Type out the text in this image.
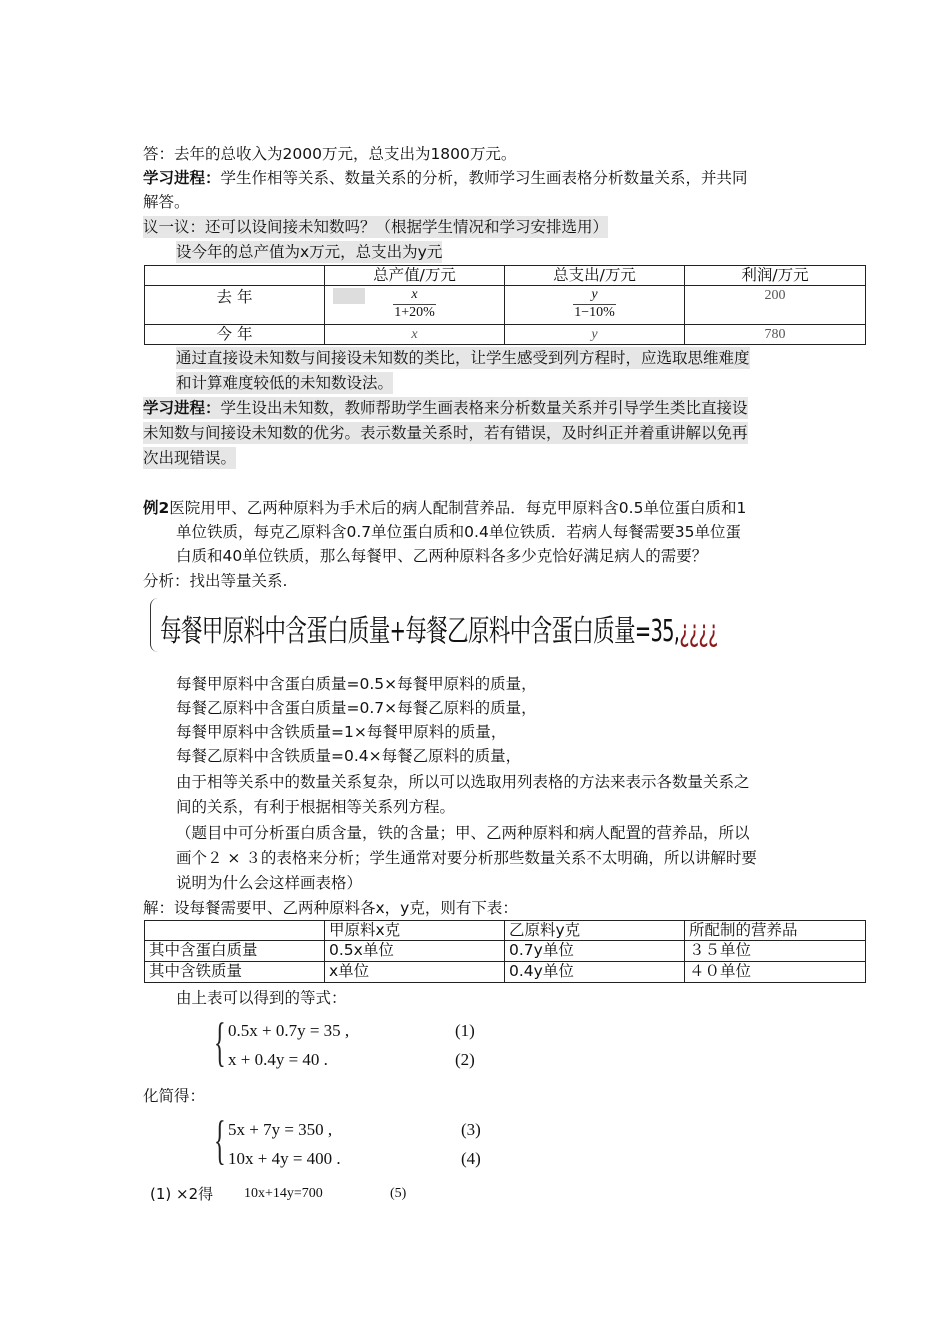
答：去年的总收入为2000万元，总支出为1800万元。
学习进程：学生作相等关系、数量关系的分析，教师学习生画表格分析数量关系，并共同
解答。
议一议：还可以设间接未知数吗？（根据学生情况和学习安排选用）
设今年的总产值为x万元，总支出为y元
	总产值/万元	总支出/万元	利润/万元
去 年	$\frac{x}{1+20\%}$	$\frac{y}{1-10\%}$	200
今 年	x	y	780
通过直接设未知数与间接设未知数的类比，让学生感受到列方程时，应选取思维难度
和计算难度较低的未知数设法。
学习进程：学生设出未知数，教师帮助学生画表格来分析数量关系并引导学生类比直接设
未知数与间接设未知数的优劣。表示数量关系时，若有错误，及时纠正并着重讲解以免再
次出现错误。
例2医院用甲、乙两种原料为手术后的病人配制营养品．每克甲原料含0.5单位蛋白质和1
单位铁质，每克乙原料含0.7单位蛋白质和0.4单位铁质．若病人每餐需要35单位蛋
白质和40单位铁质，那么每餐甲、乙两种原料各多少克恰好满足病人的需要？
分析：找出等量关系.
每餐甲原料中含蛋白质量+每餐乙原料中含蛋白质量=35,¿¿¿¿
每餐甲原料中含蛋白质量=0.5×每餐甲原料的质量，
每餐乙原料中含蛋白质量=0.7×每餐乙原料的质量，
每餐甲原料中含铁质量=1×每餐甲原料的质量，
每餐乙原料中含铁质量=0.4×每餐乙原料的质量，
由于相等关系中的数量关系复杂，所以可以选取用列表格的方法来表示各数量关系之
间的关系，有利于根据相等关系列方程。
（题目中可分析蛋白质含量，铁的含量；甲、乙两种原料和病人配置的营养品，所以
画个２ × ３的表格来分析；学生通常对要分析那些数量关系不太明确，所以讲解时要
说明为什么会这样画表格）
解：设每餐需要甲、乙两种原料各x，y克，则有下表：
	甲原料x克	乙原料y克	所配制的营养品
其中含蛋白质量	0.5x单位	0.7y单位	３５单位
其中含铁质量	x单位	0.4y单位	４０单位
由上表可以得到的等式：
{ 0.5x + 0.7y = 35 ,	(1)
x + 0.4y = 40 .	(2)
化简得：
{ 5x + 7y = 350 ,	(3)
10x + 4y = 400 .	(4)
(1) ×2得 10x+14y=700	(5)
